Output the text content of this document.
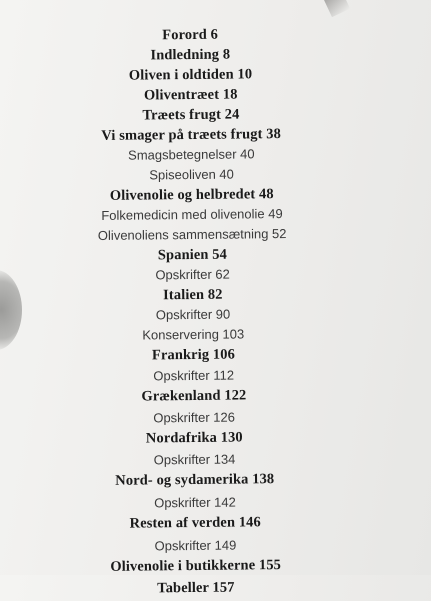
Forord 6
Indledning 8
Oliven i oldtiden 10
Oliventræet 18
Træets frugt 24
Vi smager på træets frugt 38
Smagsbetegnelser 40
Spiseoliven 40
Olivenolie og helbredet 48
Folkemedicin med olivenolie 49
Olivenoliens sammensætning 52
Spanien 54
Opskrifter 62
Italien 82
Opskrifter 90
Konservering 103
Frankrig 106
Opskrifter 112
Grækenland 122
Opskrifter 126
Nordafrika 130
Opskrifter 134
Nord- og sydamerika 138
Opskrifter 142
Resten af verden 146
Opskrifter 149
Olivenolie i butikkerne 155
Tabeller 157
